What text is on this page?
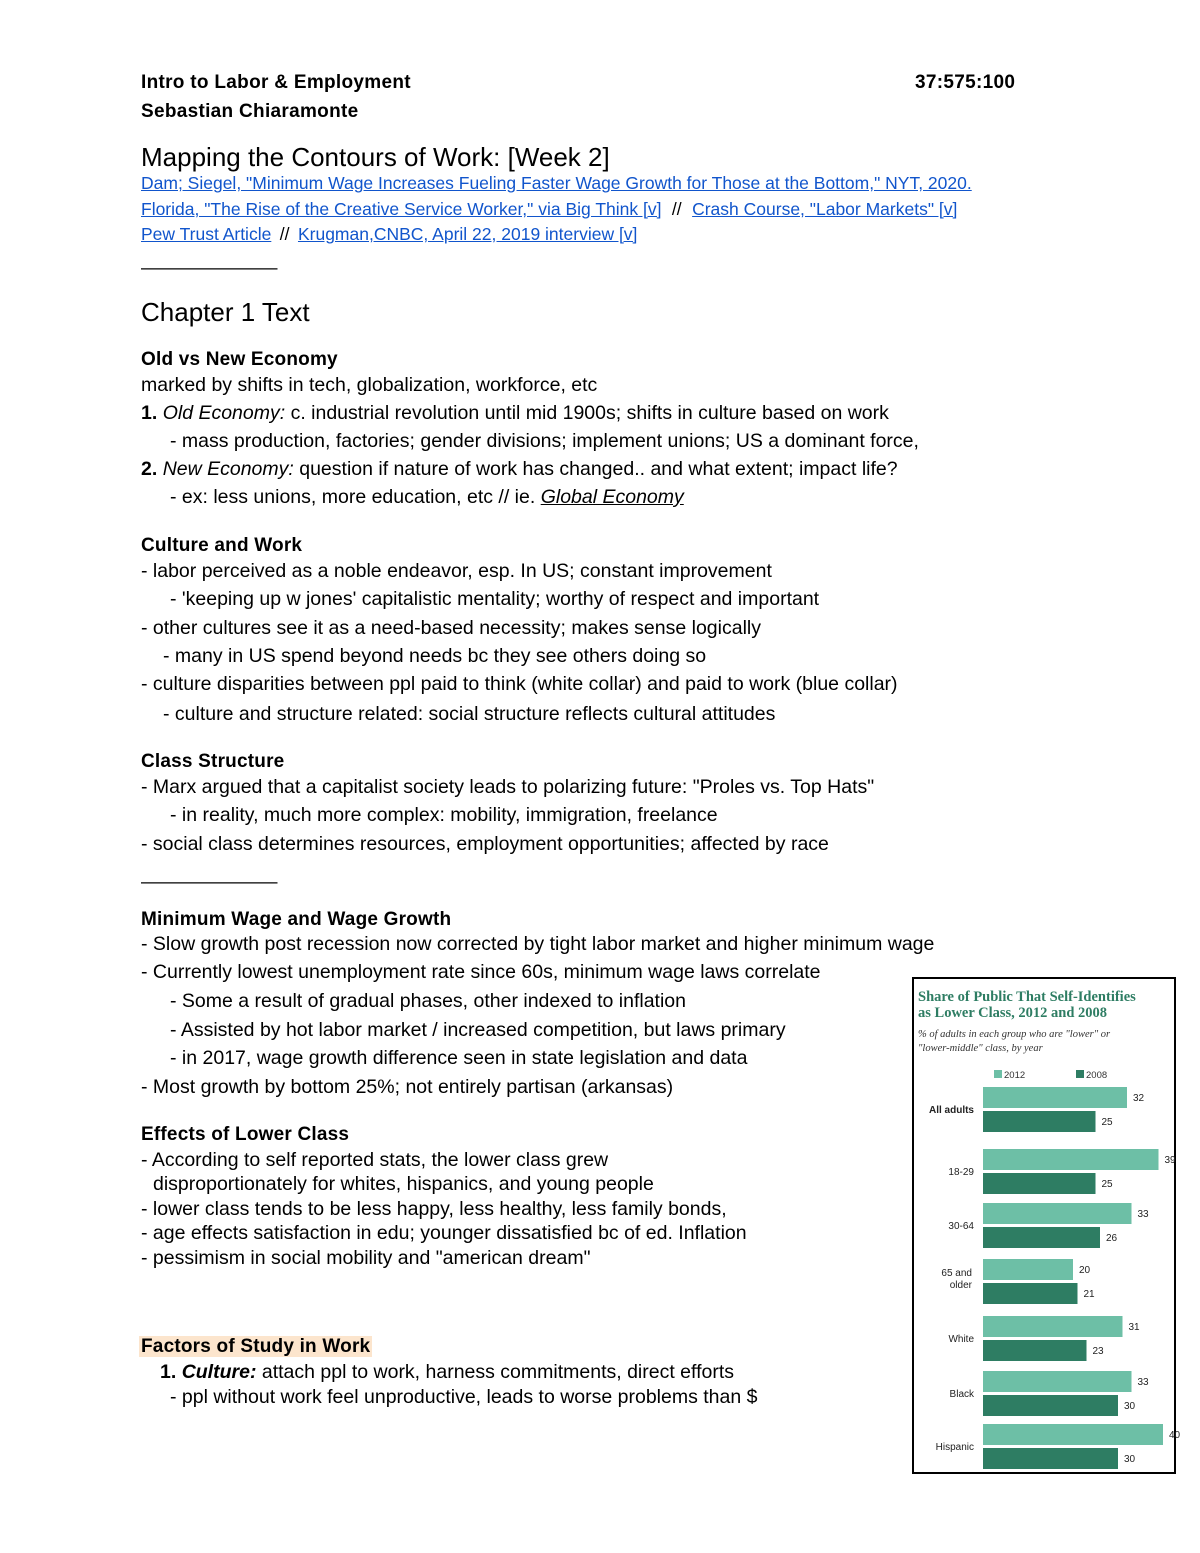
Intro to Labor & Employment	37:575:100
Sebastian Chiaramonte
Mapping the Contours of Work: [Week 2]
Dam; Siegel, "Minimum Wage Increases Fueling Faster Wage Growth for Those at the Bottom," NYT, 2020.
Florida, "The Rise of the Creative Service Worker," via Big Think [v] // Crash Course, "Labor Markets" [v]
Pew Trust Article // Krugman,CNBC, April 22, 2019 interview [v]
———————
Chapter 1 Text
Old vs New Economy
marked by shifts in tech, globalization, workforce, etc
1. Old Economy: c. industrial revolution until mid 1900s; shifts in culture based on work
- mass production, factories; gender divisions; implement unions; US a dominant force,
2. New Economy: question if nature of work has changed.. and what extent; impact life?
- ex: less unions, more education, etc // ie. Global Economy
Culture and Work
- labor perceived as a noble endeavor, esp. In US; constant improvement
- 'keeping up w jones' capitalistic mentality; worthy of respect and important
- other cultures see it as a need-based necessity; makes sense logically
- many in US spend beyond needs bc they see others doing so
- culture disparities between ppl paid to think (white collar) and paid to work (blue collar)
- culture and structure related: social structure reflects cultural attitudes
Class Structure
- Marx argued that a capitalist society leads to polarizing future: "Proles vs. Top Hats"
- in reality, much more complex: mobility, immigration, freelance
- social class determines resources, employment opportunities; affected by race
———————
Minimum Wage and Wage Growth
- Slow growth post recession now corrected by tight labor market and higher minimum wage
- Currently lowest unemployment rate since 60s, minimum wage laws correlate
- Some a result of gradual phases, other indexed to inflation
- Assisted by hot labor market / increased competition, but laws primary
- in 2017, wage growth difference seen in state legislation and data
- Most growth by bottom 25%; not entirely partisan (arkansas)
Effects of Lower Class
- According to self reported stats, the lower class grew
disproportionately for whites, hispanics, and young people
- lower class tends to be less happy, less healthy, less family bonds,
- age effects satisfaction in edu; younger dissatisfied bc of ed. Inflation
- pessimism in social mobility and "american dream"
Factors of Study in Work
1. Culture: attach ppl to work, harness commitments, direct efforts
- ppl without work feel unproductive, leads to worse problems than $
Share of Public That Self-Identifies
as Lower Class, 2012 and 2008
% of adults in each group who are "lower" or
"lower-middle" class, by year
2012	2008
All adults
32
25
18-29
39
25
30-64
33
26
65 and older
20
21
White
31
23
Black
33
30
Hispanic
40
30
